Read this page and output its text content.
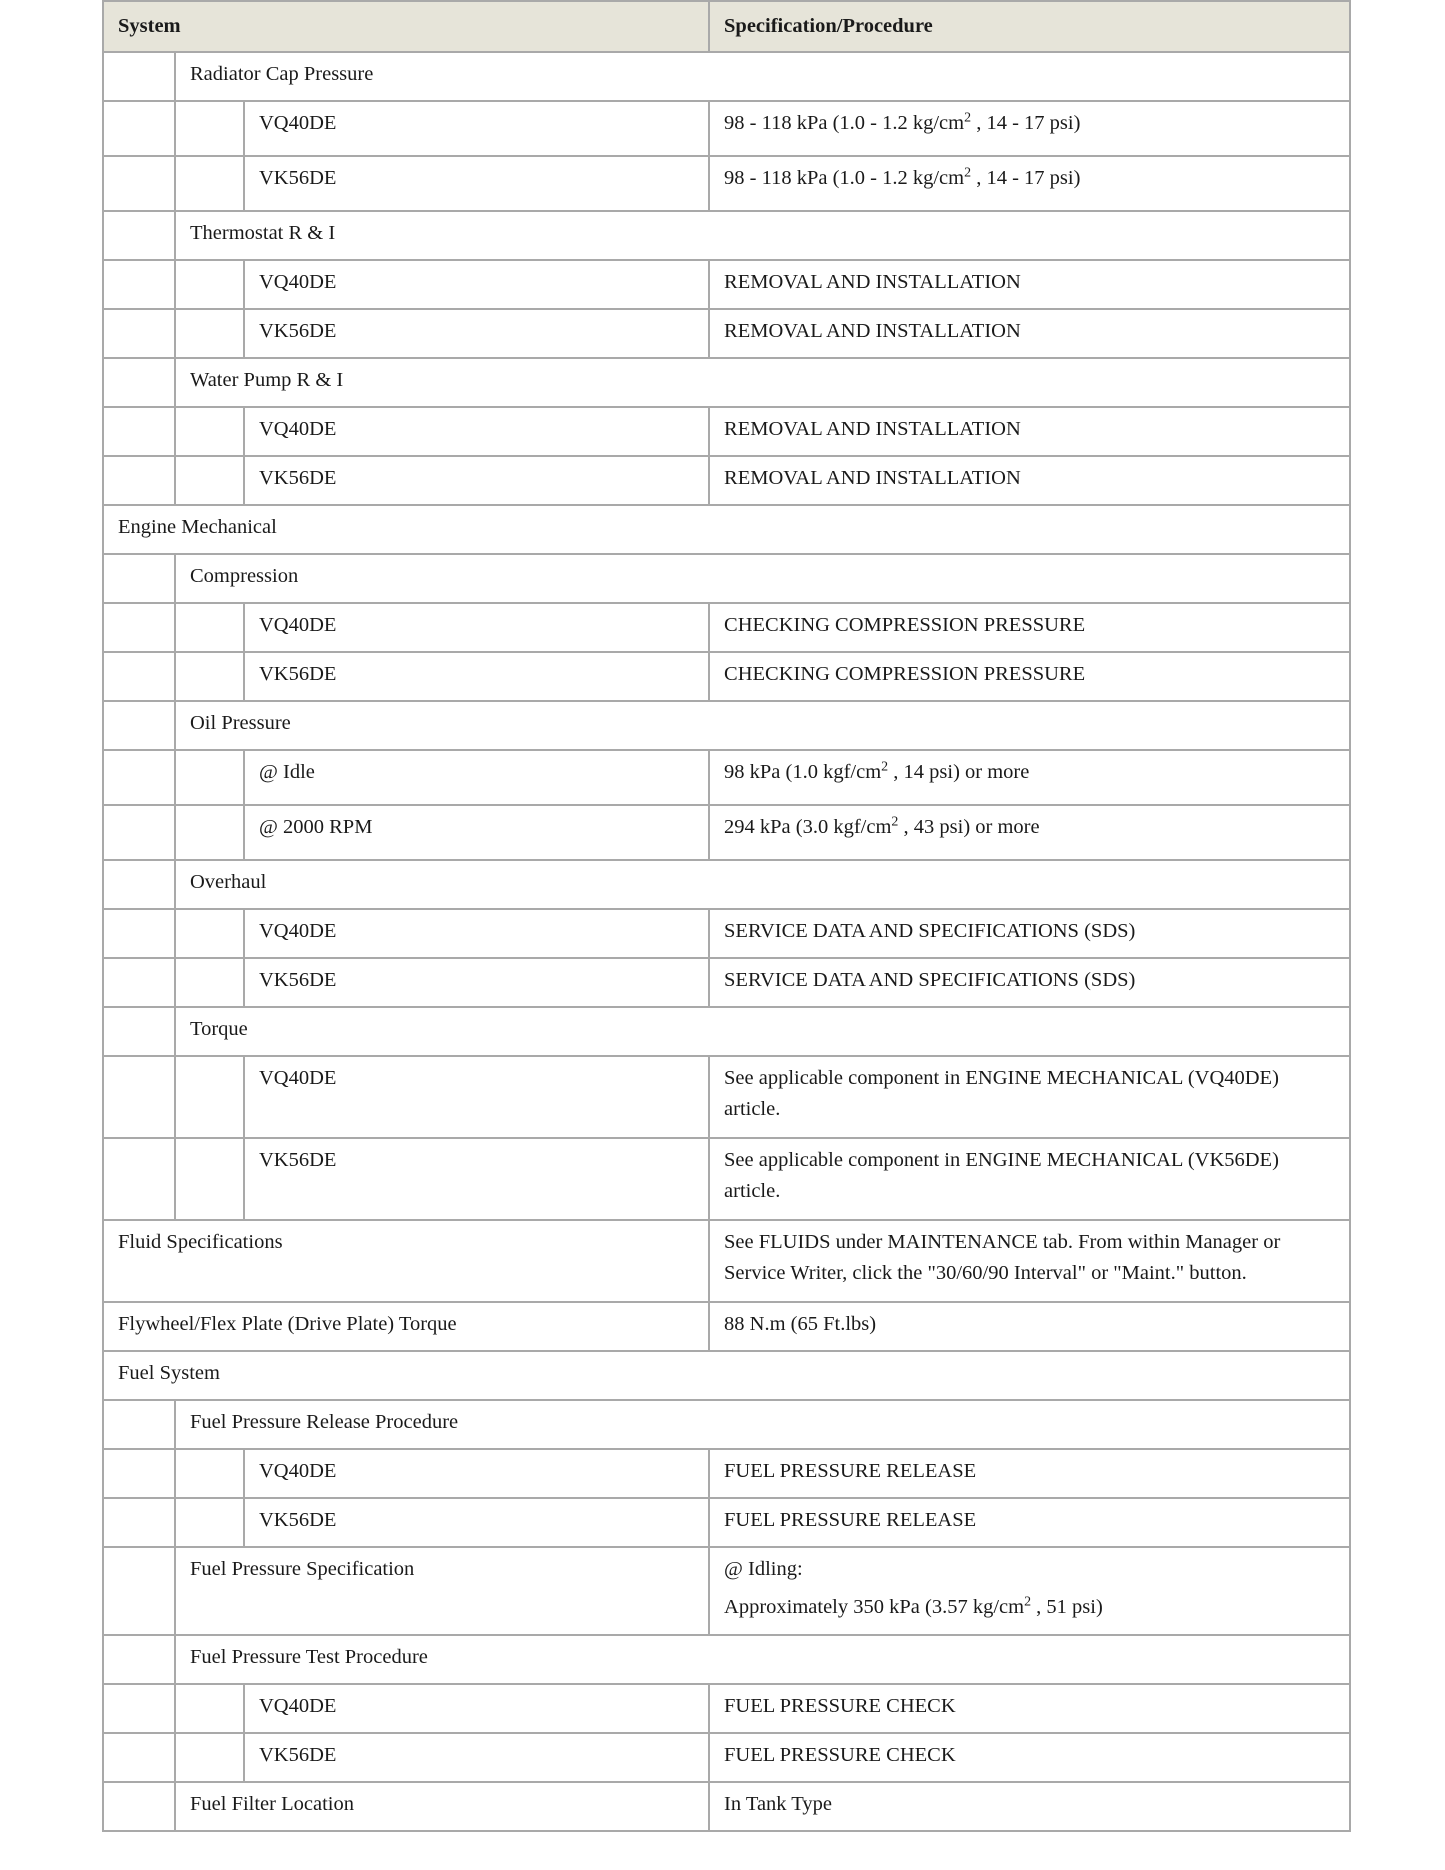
System			Specification/Procedure
	Radiator Cap Pressure		
		VQ40DE	98 - 118 kPa (1.0 - 1.2 $kg/cm^2$ , 14 - 17 psi)
		VK56DE	98 - 118 kPa (1.0 - 1.2 $kg/cm^2$ , 14 - 17 psi)
	Thermostat R & I		
		VQ40DE	REMOVAL AND INSTALLATION
		VK56DE	REMOVAL AND INSTALLATION
	Water Pump R & I		
		VQ40DE	REMOVAL AND INSTALLATION
		VK56DE	REMOVAL AND INSTALLATION
Engine Mechanical			
	Compression		
		VQ40DE	CHECKING COMPRESSION PRESSURE
		VK56DE	CHECKING COMPRESSION PRESSURE
	Oil Pressure		
		@ Idle	98 kPa (1.0 kgf/$cm^2$ , 14 psi) or more
		@ 2000 RPM	294 kPa (3.0 kgf/$cm^2$ , 43 psi) or more
	Overhaul		
		VQ40DE	SERVICE DATA AND SPECIFICATIONS (SDS)
		VK56DE	SERVICE DATA AND SPECIFICATIONS (SDS)
	Torque		
		VQ40DE	See applicable component in ENGINE MECHANICAL (VQ40DE) article.
		VK56DE	See applicable component in ENGINE MECHANICAL (VK56DE) article.
Fluid Specifications			See FLUIDS under MAINTENANCE tab. From within Manager or Service Writer, click the "30/60/90 Interval" or "Maint." button.
Flywheel/Flex Plate (Drive Plate) Torque			88 N.m (65 Ft.lbs)
Fuel System			
	Fuel Pressure Release Procedure		
		VQ40DE	FUEL PRESSURE RELEASE
		VK56DE	FUEL PRESSURE RELEASE
	Fuel Pressure Specification		@ Idling:
Approximately 350 kPa (3.57 $kg/cm^2$ , 51 psi)

	Fuel Pressure Test Procedure		
		VQ40DE	FUEL PRESSURE CHECK
		VK56DE	FUEL PRESSURE CHECK
	Fuel Filter Location		In Tank Type
